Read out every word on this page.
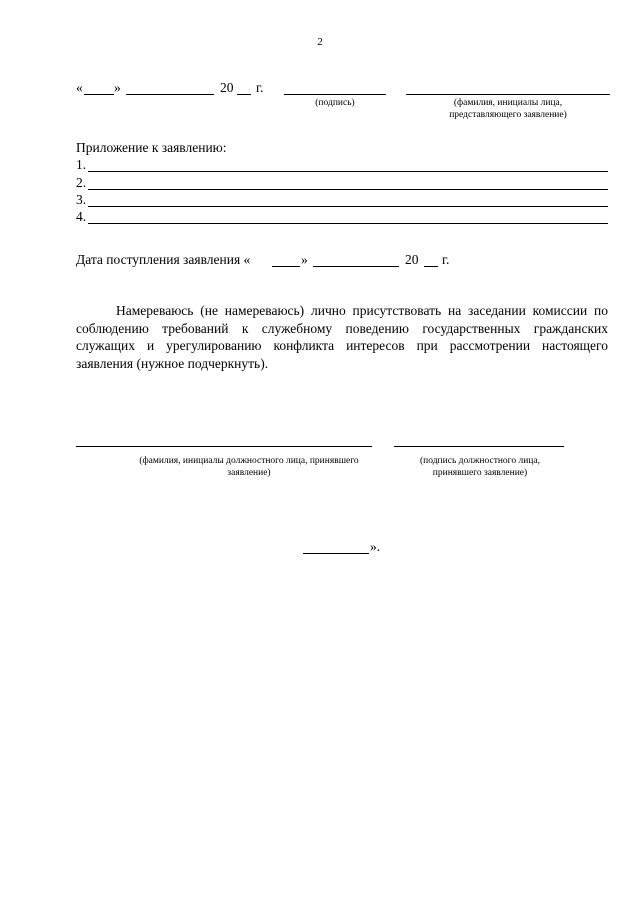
2
« »	20 г.
(подпись)	(фамилия, инициалы лица,
представляющего заявление)
Приложение к заявлению:
1.
2.
3.
4.
Дата поступления заявления «	»	20 г.
Намереваюсь (не намереваюсь) лично присутствовать на заседании комиссии по соблюдению требований к служебному поведению государственных гражданских служащих и урегулированию конфликта интересов при рассмотрении настоящего заявления (нужное подчеркнуть).
(фамилия, инициалы должностного лица, принявшего
заявление)
(подпись должностного лица,
принявшего заявление)
».
